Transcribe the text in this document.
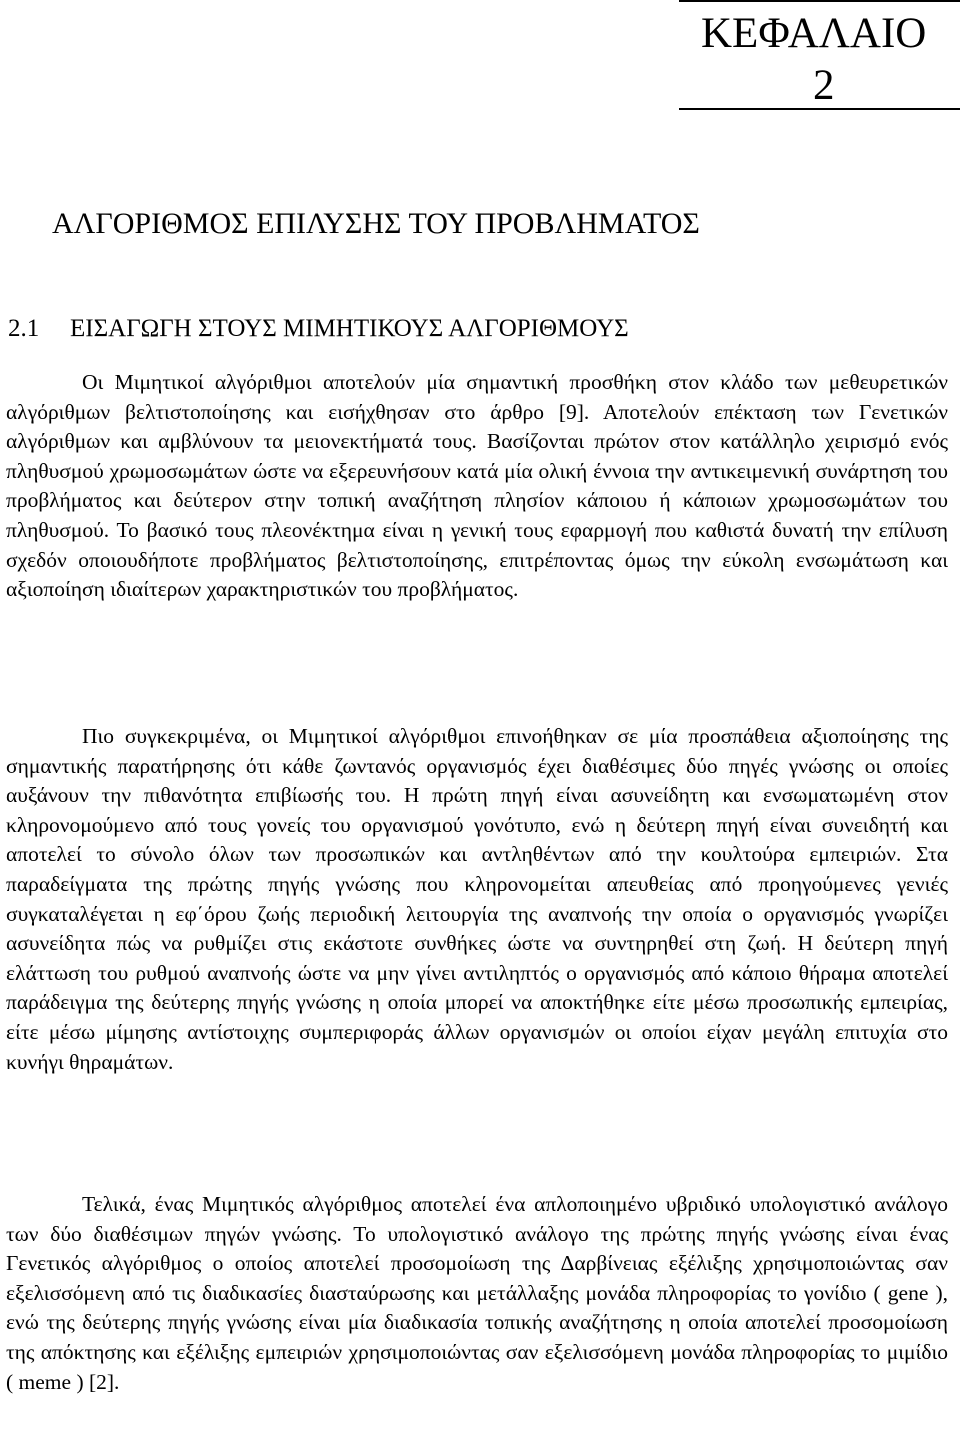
ΚΕΦΑΛΑΙΟ
2
ΑΛΓΟΡΙΘΜΟΣ ΕΠΙΛΥΣΗΣ ΤΟΥ ΠΡΟΒΛΗΜΑΤΟΣ
2.1 ΕΙΣΑΓΩΓΗ ΣΤΟΥΣ ΜΙΜΗΤΙΚΟΥΣ ΑΛΓΟΡΙΘΜΟΥΣ

Οι Μιμητικοί αλγόριθμοι αποτελούν μία σημαντική προσθήκη στον κλάδο των μεθευρετικών αλγόριθμων βελτιστοποίησης και εισήχθησαν στο άρθρο [9]. Αποτελούν επέκταση των Γενετικών αλγόριθμων και αμβλύνουν τα μειονεκτήματά τους. Βασίζονται πρώτον στον κατάλληλο χειρισμό ενός πληθυσμού χρωμοσωμάτων ώστε να εξερευνήσουν κατά μία ολική έννοια την αντικειμενική συνάρτηση του προβλήματος και δεύτερον στην τοπική αναζήτηση πλησίον κάποιου ή κάποιων χρωμοσωμάτων του πληθυσμού. Το βασικό τους πλεονέκτημα είναι η γενική τους εφαρμογή που καθιστά δυνατή την επίλυση σχεδόν οποιουδήποτε προβλήματος βελτιστοποίησης, επιτρέποντας όμως την εύκολη ενσωμάτωση και αξιοποίηση ιδιαίτερων χαρακτηριστικών του προβλήματος.

Πιο συγκεκριμένα, οι Μιμητικοί αλγόριθμοι επινοήθηκαν σε μία προσπάθεια αξιοποίησης της σημαντικής παρατήρησης ότι κάθε ζωντανός οργανισμός έχει διαθέσιμες δύο πηγές γνώσης οι οποίες αυξάνουν την πιθανότητα επιβίωσής του. Η πρώτη πηγή είναι ασυνείδητη και ενσωματωμένη στον κληρονομούμενο από τους γονείς του οργανισμού γονότυπο, ενώ η δεύτερη πηγή είναι συνειδητή και αποτελεί το σύνολο όλων των προσωπικών και αντληθέντων από την κουλτούρα εμπειριών. Στα παραδείγματα της πρώτης πηγής γνώσης που κληρονομείται απευθείας από προηγούμενες γενιές συγκαταλέγεται η εφ΄όρου ζωής περιοδική λειτουργία της αναπνοής την οποία ο οργανισμός γνωρίζει ασυνείδητα πώς να ρυθμίζει στις εκάστοτε συνθήκες ώστε να συντηρηθεί στη ζωή. Η δεύτερη πηγή ελάττωση του ρυθμού αναπνοής ώστε να μην γίνει αντιληπτός ο οργανισμός από κάποιο θήραμα αποτελεί παράδειγμα της δεύτερης πηγής γνώσης η οποία μπορεί να αποκτήθηκε είτε μέσω προσωπικής εμπειρίας, είτε μέσω μίμησης αντίστοιχης συμπεριφοράς άλλων οργανισμών οι οποίοι είχαν μεγάλη επιτυχία στο κυνήγι θηραμάτων.

Τελικά, ένας Μιμητικός αλγόριθμος αποτελεί ένα απλοποιημένο υβριδικό υπολογιστικό ανάλογο των δύο διαθέσιμων πηγών γνώσης. Το υπολογιστικό ανάλογο της πρώτης πηγής γνώσης είναι ένας Γενετικός αλγόριθμος ο οποίος αποτελεί προσομοίωση της Δαρβίνειας εξέλιξης χρησιμοποιώντας σαν εξελισσόμενη από τις διαδικασίες διασταύρωσης και μετάλλαξης μονάδα πληροφορίας το γονίδιο ( gene ), ενώ της δεύτερης πηγής γνώσης είναι μία διαδικασία τοπικής αναζήτησης η οποία αποτελεί προσομοίωση της απόκτησης και εξέλιξης εμπειριών χρησιμοποιώντας σαν εξελισσόμενη μονάδα πληροφορίας το μιμίδιο ( meme ) [2].
